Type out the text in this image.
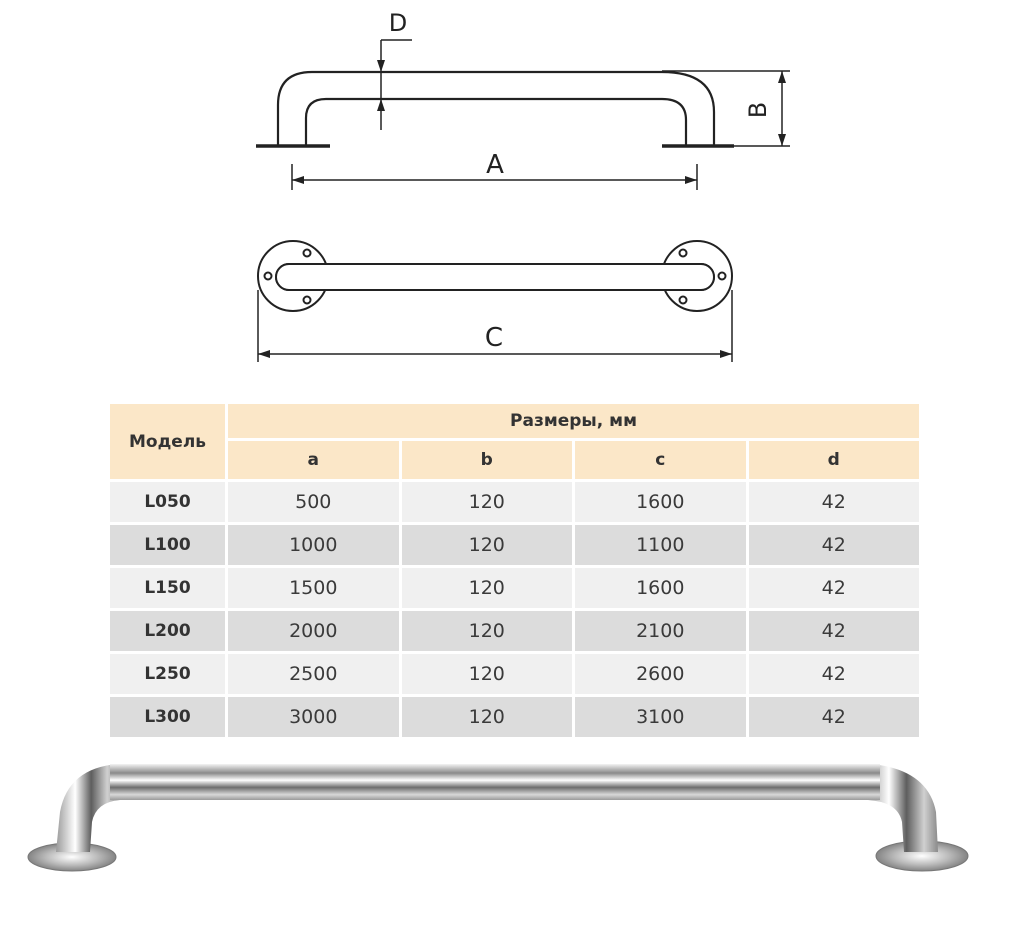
A
B
D
C
Модель	Размеры, мм			
	a	b	c	d
L050	500	120	1600	42
L100	1000	120	1100	42
L150	1500	120	1600	42
L200	2000	120	2100	42
L250	2500	120	2600	42
L300	3000	120	3100	42
